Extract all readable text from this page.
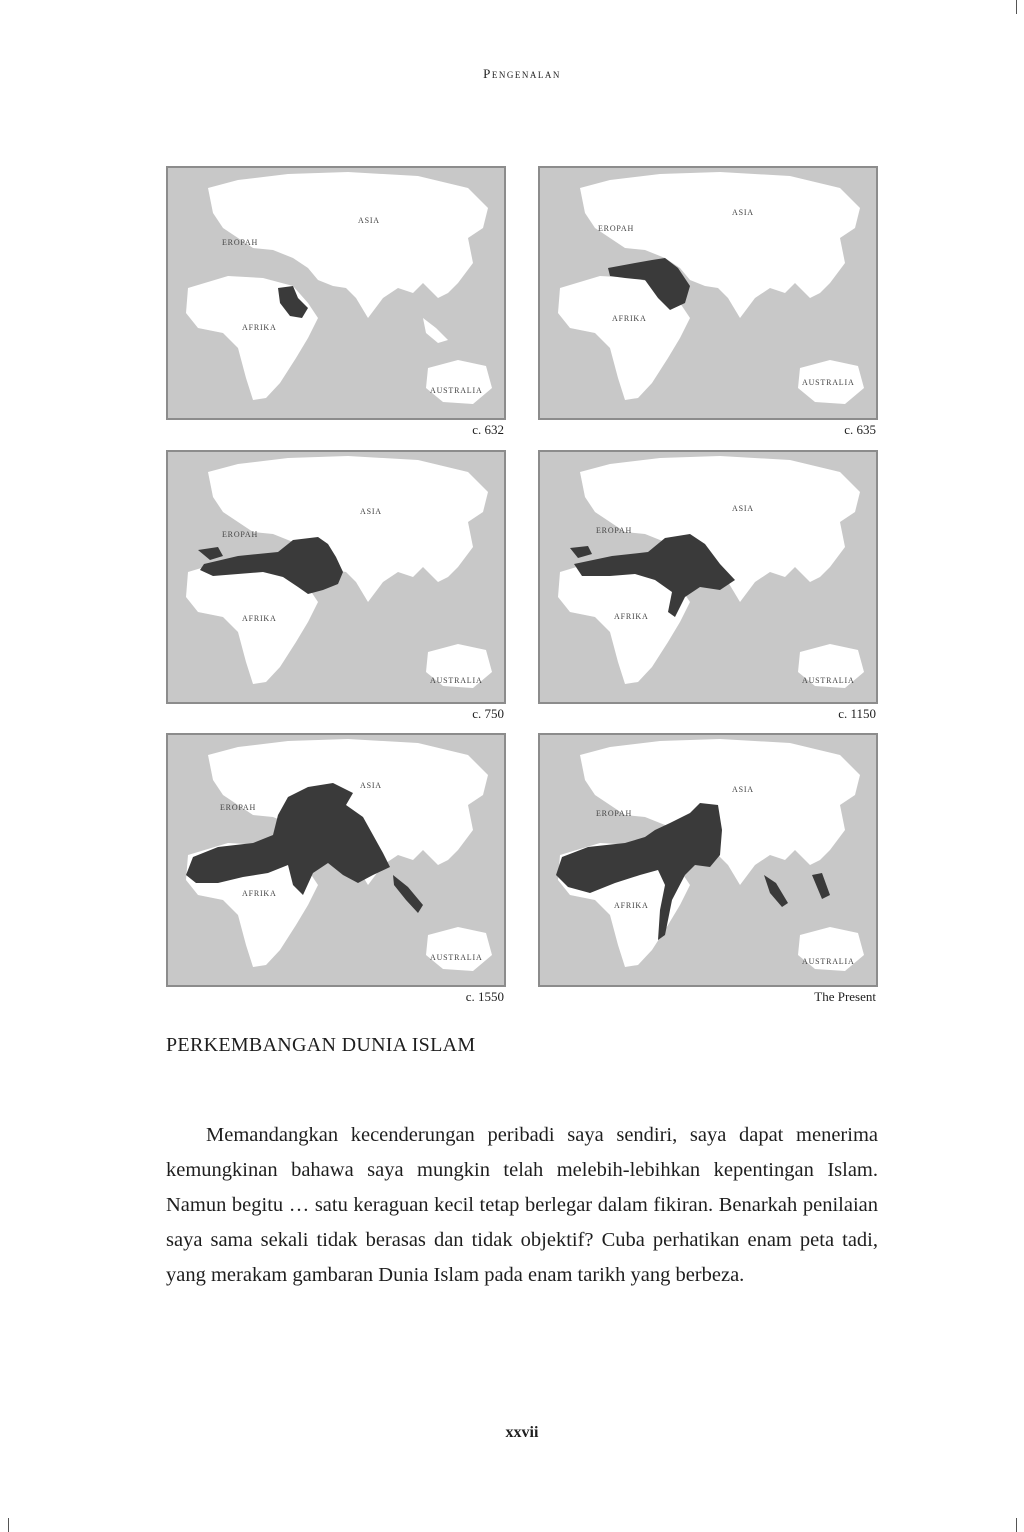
Pengenalan
ASIA
EROPAH
AFRIKA
AUSTRALIA
c. 632
ASIA
EROPAH
AFRIKA
AUSTRALIA
c. 635
ASIA
EROPAH
AFRIKA
AUSTRALIA
c. 750
ASIA
EROPAH
AFRIKA
AUSTRALIA
c. 1150
ASIA
EROPAH
AFRIKA
AUSTRALIA
c. 1550
ASIA
EROPAH
AFRIKA
AUSTRALIA
The Present
PERKEMBANGAN DUNIA ISLAM

Memandangkan kecenderungan peribadi saya sendiri, saya dapat menerima kemungkinan bahawa saya mungkin telah melebih-lebihkan kepentingan Islam. Namun begitu … satu keraguan kecil tetap berlegar dalam fikiran. Benarkah penilaian saya sama sekali tidak berasas dan tidak objektif? Cuba perhatikan enam peta tadi, yang merakam gambaran Dunia Islam pada enam tarikh yang berbeza.

xxvii
